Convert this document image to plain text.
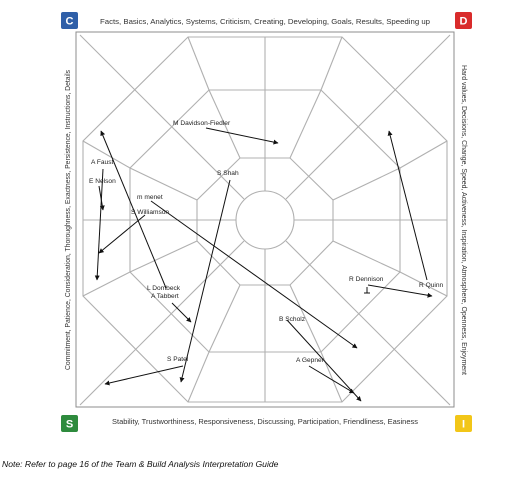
C	D
S	I
Facts, Basics, Analytics, Systems, Criticism, Creating, Developing, Goals, Results, Speeding up
Stability, Trustworthiness, Responsiveness, Discussing, Participation, Friendliness, Easiness
Commitment, Patience, Consideration, Thoroughness, Exactness, Persistence, Instructions, Details	Hard values, Decisions, Change, Speed, Activeness, Inspiration, Atmosphere, Openness, Enjoyment
M Davidson-Fiedler
A Faust
E Nelson
S Shah
m menet
S Williamson
L Dombeck
A Tabbert
R Dennison
R Quinn
B Scholz
S Patel	A Gepner
Note: Refer to page 16 of the Team & Build Analysis Interpretation Guide
